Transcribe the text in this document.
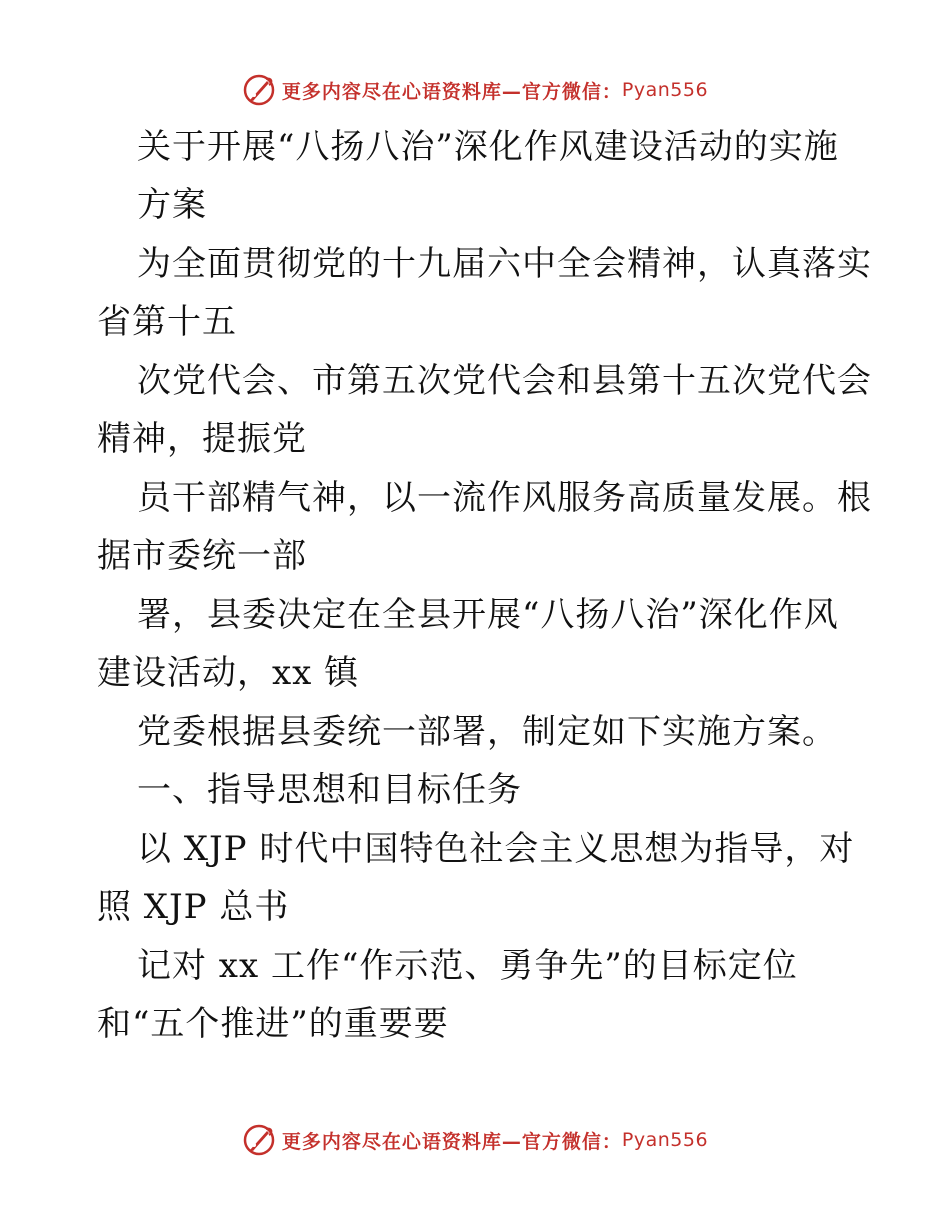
更多内容尽在心语资料库—官方微信： Pyan556
关于开展“八扬八治”深化作风建设活动的实施
方案
为全面贯彻党的十九届六中全会精神，认真落实
省第十五
次党代会、市第五次党代会和县第十五次党代会
精神，提振党
员干部精气神，以一流作风服务高质量发展。根
据市委统一部
署，县委决定在全县开展“八扬八治”深化作风
建设活动，xx 镇
党委根据县委统一部署，制定如下实施方案。
一、指导思想和目标任务
以 XJP 时代中国特色社会主义思想为指导，对
照 XJP 总书
记对 xx 工作“作示范、勇争先”的目标定位
和“五个推进”的重要要
更多内容尽在心语资料库—官方微信： Pyan556
